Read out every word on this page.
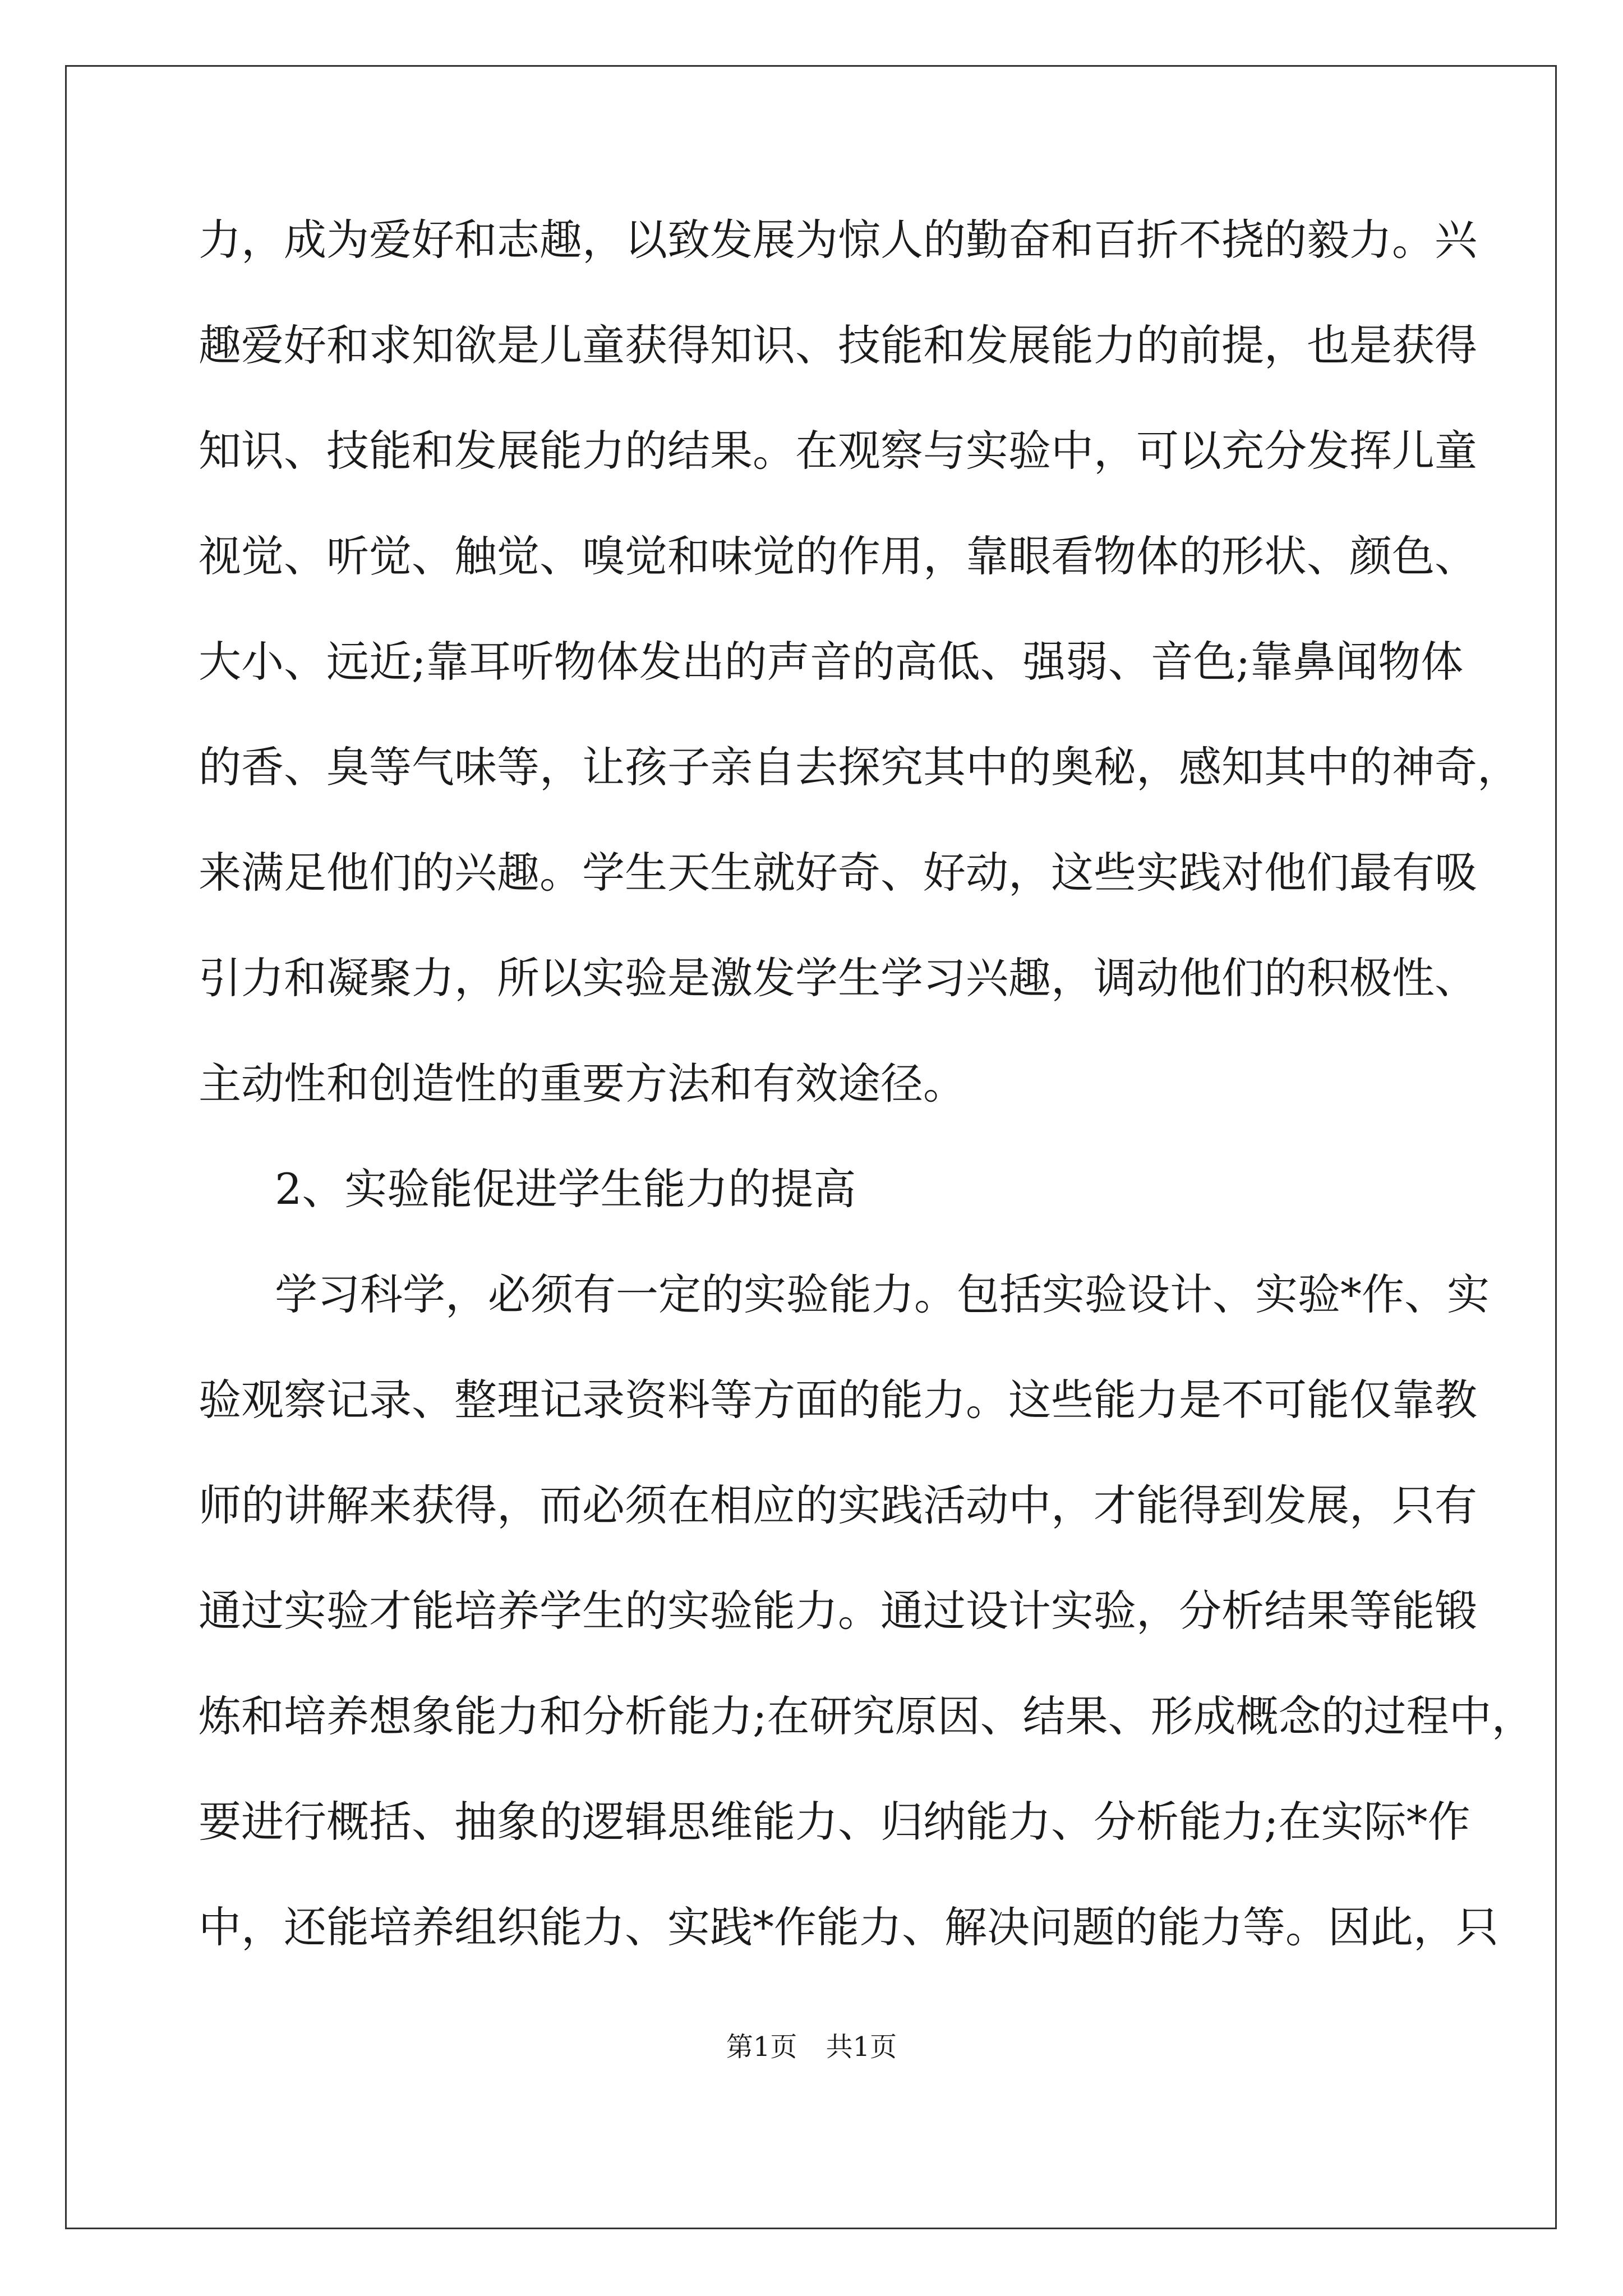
力，成为爱好和志趣，以致发展为惊人的勤奋和百折不挠的毅力。兴
趣爱好和求知欲是儿童获得知识、技能和发展能力的前提，也是获得
知识、技能和发展能力的结果。在观察与实验中，可以充分发挥儿童
视觉、听觉、触觉、嗅觉和味觉的作用，靠眼看物体的形状、颜色、
大小、远近;靠耳听物体发出的声音的高低、强弱、音色;靠鼻闻物体
的香、臭等气味等，让孩子亲自去探究其中的奥秘，感知其中的神奇，
来满足他们的兴趣。学生天生就好奇、好动，这些实践对他们最有吸
引力和凝聚力，所以实验是激发学生学习兴趣，调动他们的积极性、
主动性和创造性的重要方法和有效途径。
2、实验能促进学生能力的提高
学习科学，必须有一定的实验能力。包括实验设计、实验*作、实
验观察记录、整理记录资料等方面的能力。这些能力是不可能仅靠教
师的讲解来获得，而必须在相应的实践活动中，才能得到发展，只有
通过实验才能培养学生的实验能力。通过设计实验，分析结果等能锻
炼和培养想象能力和分析能力;在研究原因、结果、形成概念的过程中，
要进行概括、抽象的逻辑思维能力、归纳能力、分析能力;在实际*作
中，还能培养组织能力、实践*作能力、解决问题的能力等。因此，只
第1页 共1页
